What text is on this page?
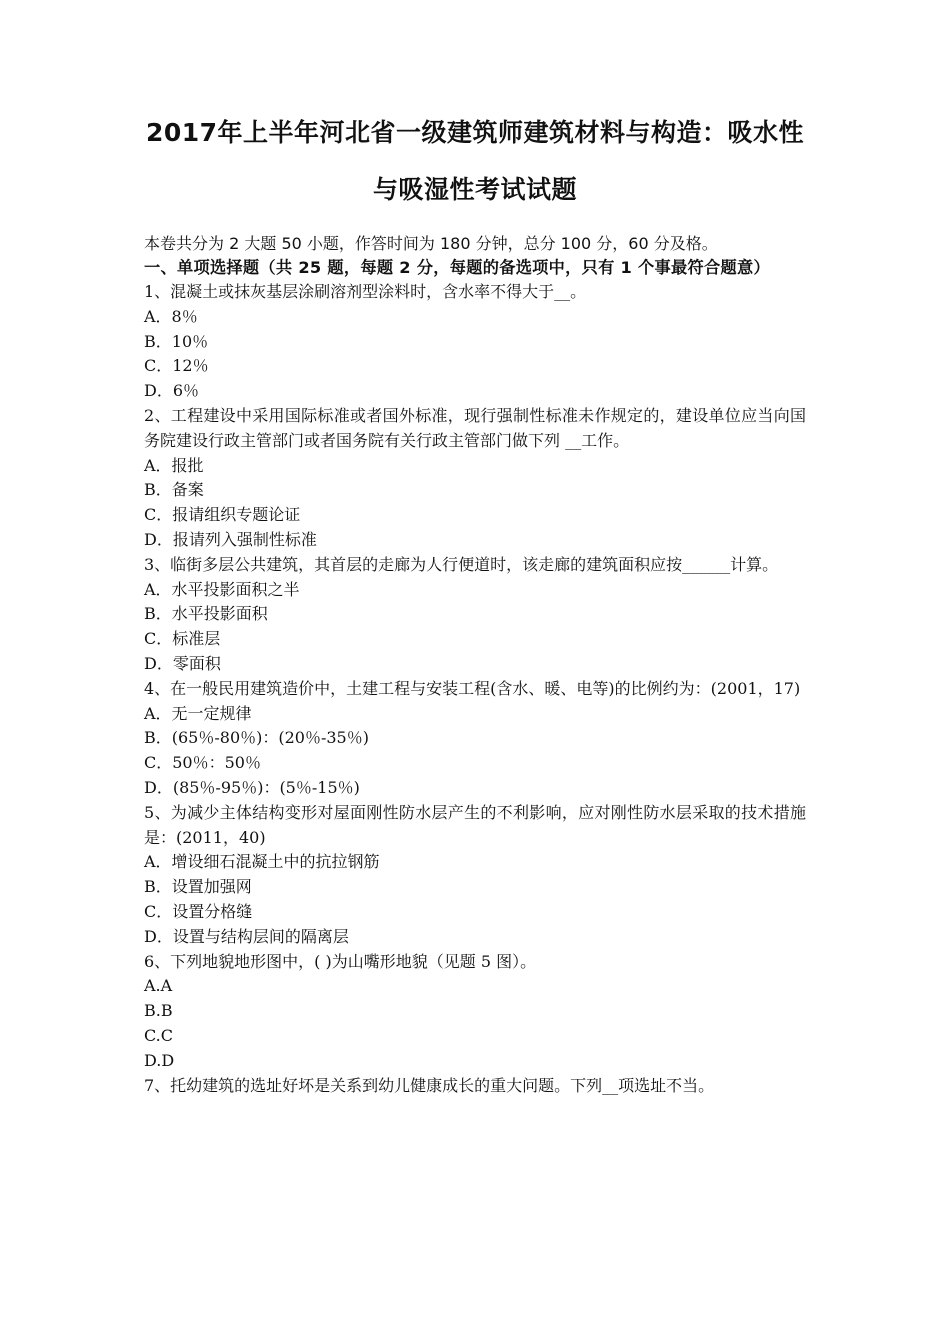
2017年上半年河北省一级建筑师建筑材料与构造：吸水性
与吸湿性考试试题
本卷共分为 2 大题 50 小题，作答时间为 180 分钟，总分 100 分，60 分及格。
一、单项选择题（共 25 题，每题 2 分，每题的备选项中，只有 1 个事最符合题意）
1、混凝土或抹灰基层涂刷溶剂型涂料时，含水率不得大于__。
A．8％
B．10％
C．12％
D．6％
2、工程建设中采用国际标准或者国外标准，现行强制性标准未作规定的，建设单位应当向国务院建设行政主管部门或者国务院有关行政主管部门做下列 __工作。
A．报批
B．备案
C．报请组织专题论证
D．报请列入强制性标准
3、临街多层公共建筑，其首层的走廊为人行便道时，该走廊的建筑面积应按______计算。
A．水平投影面积之半
B．水平投影面积
C．标准层
D．零面积
4、在一般民用建筑造价中，土建工程与安装工程(含水、暖、电等)的比例约为：(2001，17)
A．无一定规律
B．(65％-80％)：(20％-35％)
C．50％：50％
D．(85％-95％)：(5％-15％)
5、为减少主体结构变形对屋面刚性防水层产生的不利影响，应对刚性防水层采取的技术措施是：(2011，40)
A．增设细石混凝土中的抗拉钢筋
B．设置加强网
C．设置分格缝
D．设置与结构层间的隔离层
6、下列地貌地形图中，( )为山嘴形地貌（见题 5 图）。
A.A
B.B
C.C
D.D
7、托幼建筑的选址好坏是关系到幼儿健康成长的重大问题。下列__项选址不当。
